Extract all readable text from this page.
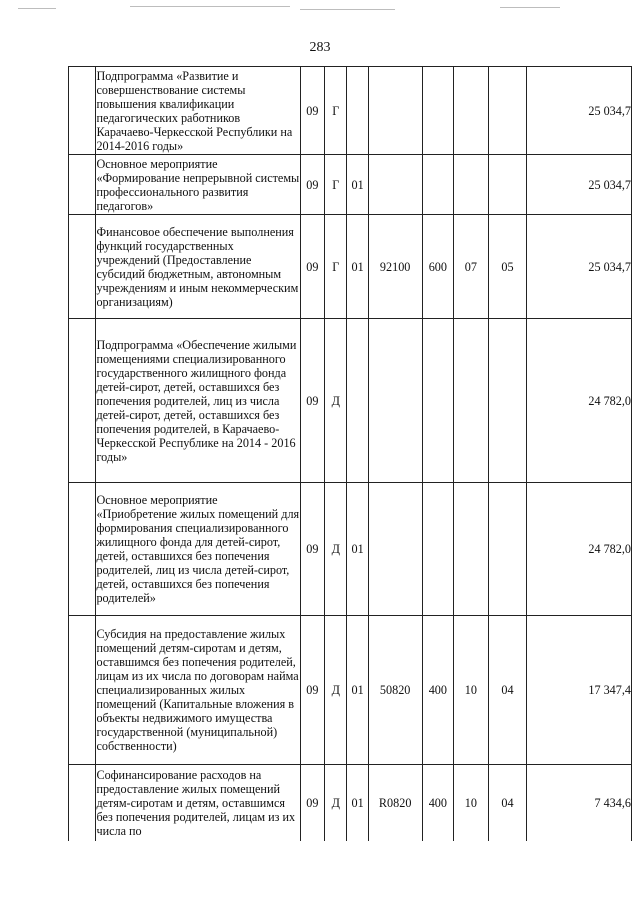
283
	Подпрограмма «Развитие и совершенствование системы повышения квалификации педагогических работников Карачаево-Черкесской Республики на 2014-2016 годы»	09	Г						25 034,7
	Основное мероприятие «Формирование непрерывной системы профессионального развития педагогов»	09	Г	01					25 034,7
	Финансовое обеспечение выполнения функций государственных учреждений (Предоставление субсидий бюджетным, автономным учреждениям и иным некоммерческим организациям)	09	Г	01	92100	600	07	05	25 034,7
	Подпрограмма «Обеспечение жилыми помещениями специализированного государственного жилищного фонда детей-сирот, детей, оставшихся без попечения родителей, лиц из числа детей-сирот, детей, оставшихся без попечения родителей, в Карачаево-Черкесской Республике на 2014 - 2016 годы»	09	Д						24 782,0
	Основное мероприятие «Приобретение жилых помещений для формирования специализированного жилищного фонда для детей-сирот, детей, оставшихся без попечения родителей, лиц из числа детей-сирот, детей, оставшихся без попечения родителей»	09	Д	01					24 782,0
	Субсидия на предоставление жилых помещений детям-сиротам и детям, оставшимся без попечения родителей, лицам из их числа по договорам найма специализированных жилых помещений (Капитальные вложения в объекты недвижимого имущества государственной (муниципальной) собственности)	09	Д	01	50820	400	10	04	17 347,4
	Софинансирование расходов на предоставление жилых помещений детям-сиротам и детям, оставшимся без попечения родителей, лицам из их числа по	09	Д	01	R0820	400	10	04	7 434,6
